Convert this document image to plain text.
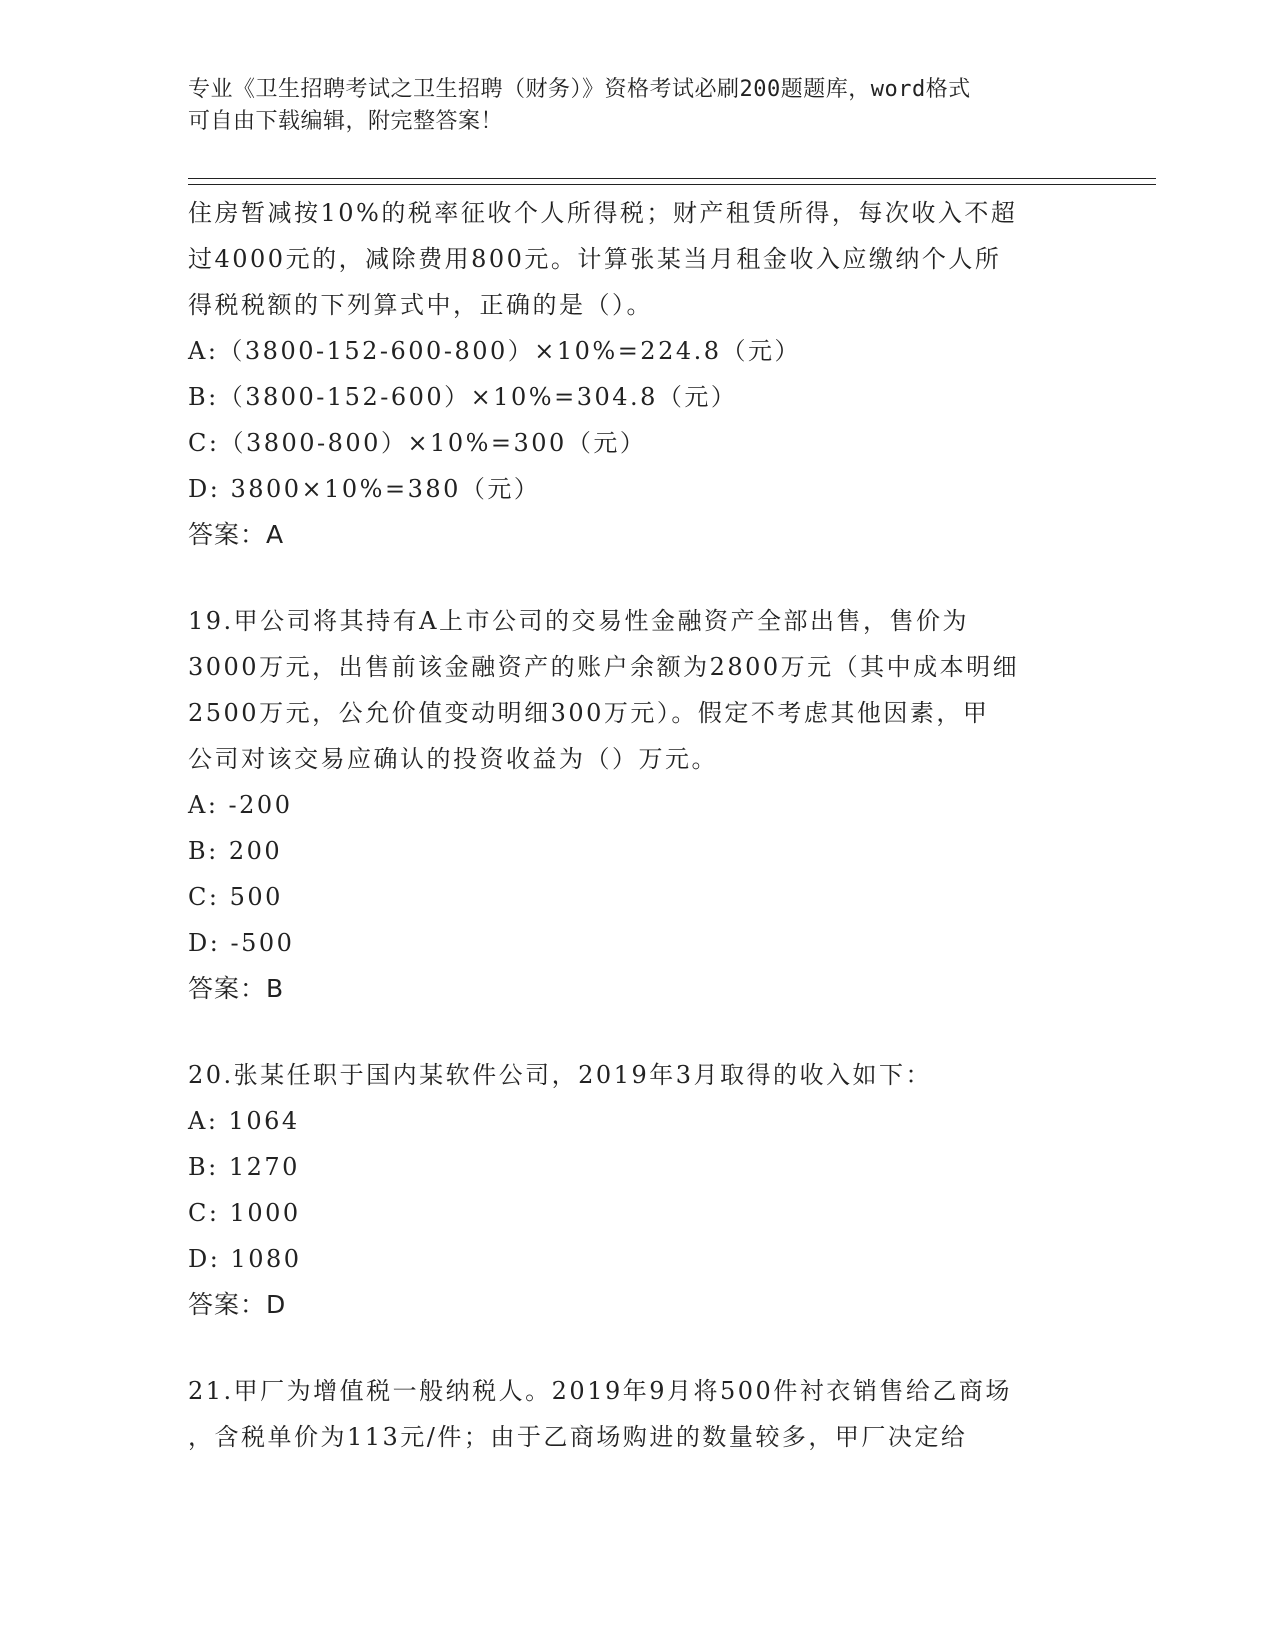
专业《卫生招聘考试之卫生招聘（财务）》资格考试必刷200题题库，word格式
可自由下载编辑，附完整答案！
住房暂减按10%的税率征收个人所得税；财产租赁所得，每次收入不超
过4000元的，减除费用800元。计算张某当月租金收入应缴纳个人所
得税税额的下列算式中，正确的是（）。
A:（3800-152-600-800）×10%=224.8（元）
B:（3800-152-600）×10%=304.8（元）
C:（3800-800）×10%=300（元）
D: 3800×10%=380（元）
答案：A
19.甲公司将其持有A上市公司的交易性金融资产全部出售，售价为
3000万元，出售前该金融资产的账户余额为2800万元（其中成本明细
2500万元，公允价值变动明细300万元）。假定不考虑其他因素，甲
公司对该交易应确认的投资收益为（）万元。
A: -200
B: 200
C: 500
D: -500
答案：B
20.张某任职于国内某软件公司，2019年3月取得的收入如下：
A: 1064
B: 1270
C: 1000
D: 1080
答案：D
21.甲厂为增值税一般纳税人。2019年9月将500件衬衣销售给乙商场
，含税单价为113元/件；由于乙商场购进的数量较多，甲厂决定给
